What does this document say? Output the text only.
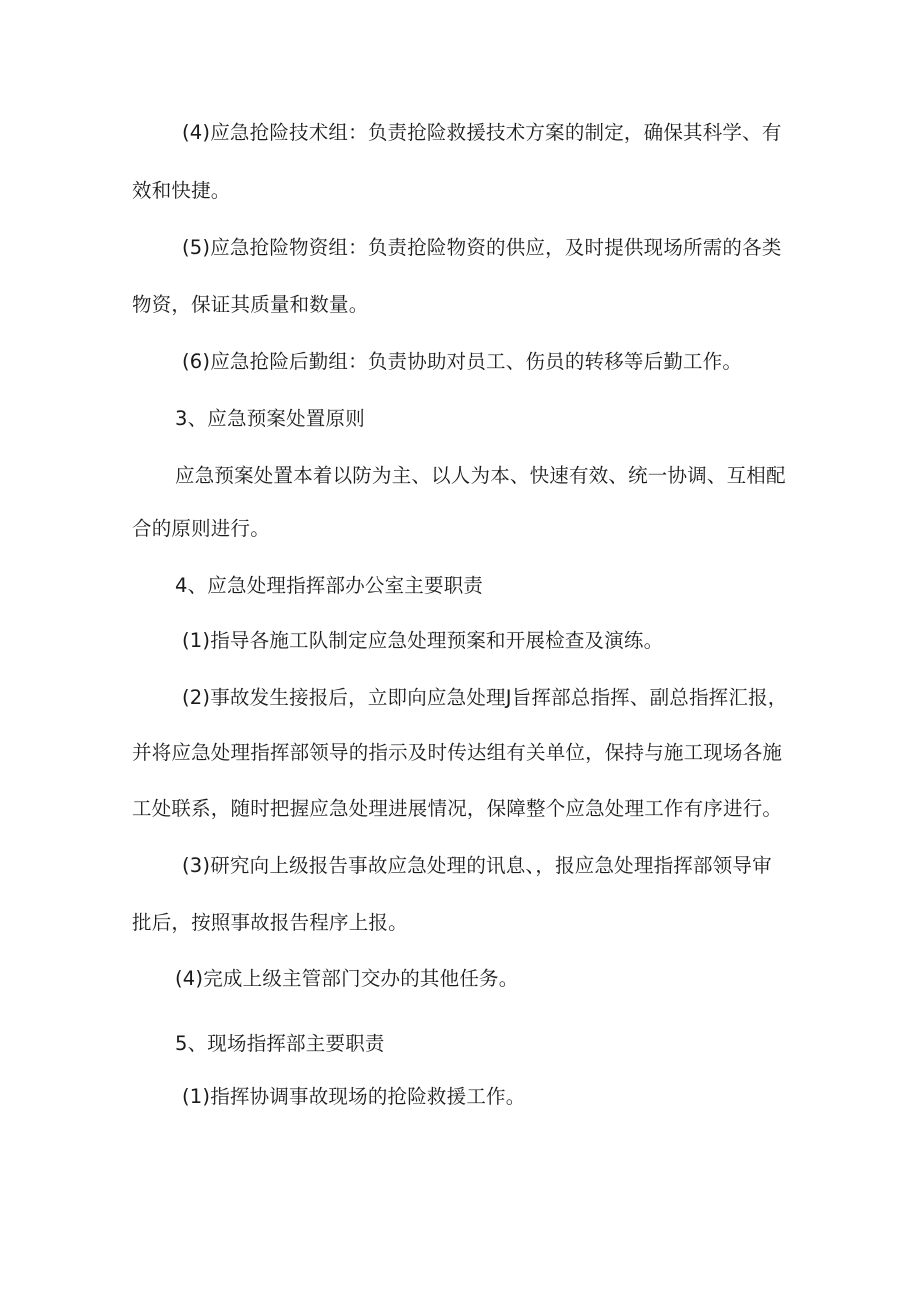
(4)应急抢险技术组：负责抢险救援技术方案的制定，确保其科学、有
效和快捷。
(5)应急抢险物资组：负责抢险物资的供应，及时提供现场所需的各类
物资，保证其质量和数量。
(6)应急抢险后勤组：负责协助对员工、伤员的转移等后勤工作。
3、应急预案处置原则
应急预案处置本着以防为主、以人为本、快速有效、统一协调、互相配
合的原则进行。
4、应急处理指挥部办公室主要职责
(1)指导各施工队制定应急处理预案和开展检查及演练。
(2)事故发生接报后，立即向应急处理J旨挥部总指挥、副总指挥汇报，
并将应急处理指挥部领导的指示及时传达组有关单位，保持与施工现场各施
工处联系，随时把握应急处理进展情况，保障整个应急处理工作有序进行。
(3)研究向上级报告事故应急处理的讯息、，报应急处理指挥部领导审
批后，按照事故报告程序上报。
(4)完成上级主管部门交办的其他任务。
5、现场指挥部主要职责
(1)指挥协调事故现场的抢险救援工作。
